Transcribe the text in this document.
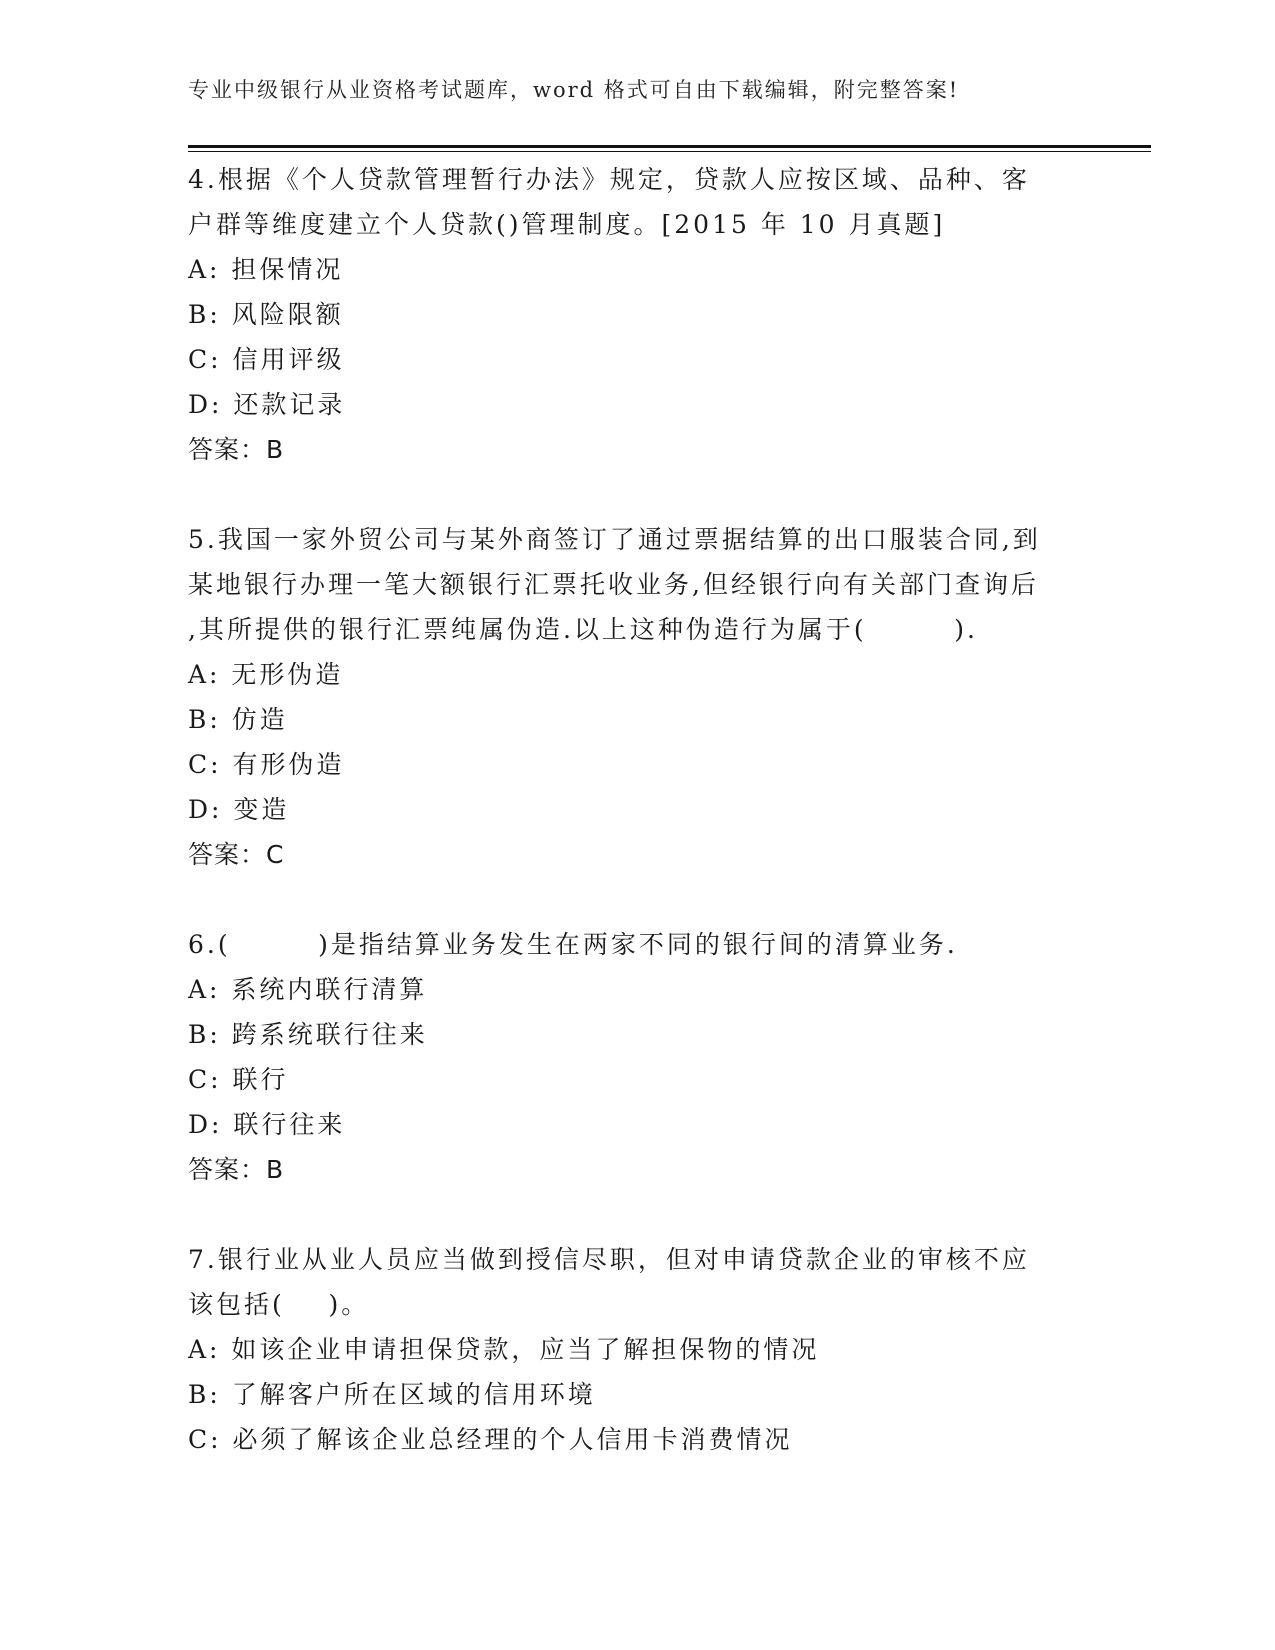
专业中级银行从业资格考试题库，word 格式可自由下载编辑，附完整答案!

4.根据《个人贷款管理暂行办法》规定，贷款人应按区域、品种、客

户群等维度建立个人贷款()管理制度。[2015 年 10 月真题]

A: 担保情况

B: 风险限额

C: 信用评级

D: 还款记录

答案：B

5.我国一家外贸公司与某外商签订了通过票据结算的出口服装合同,到

某地银行办理一笔大额银行汇票托收业务,但经银行向有关部门查询后

,其所提供的银行汇票纯属伪造.以上这种伪造行为属于(        ).

A: 无形伪造

B: 仿造

C: 有形伪造

D: 变造

答案：C

6.(        )是指结算业务发生在两家不同的银行间的清算业务.

A: 系统内联行清算

B: 跨系统联行往来

C: 联行

D: 联行往来

答案：B

7.银行业从业人员应当做到授信尽职，但对申请贷款企业的审核不应

该包括(    )。

A: 如该企业申请担保贷款，应当了解担保物的情况

B: 了解客户所在区域的信用环境

C: 必须了解该企业总经理的个人信用卡消费情况
